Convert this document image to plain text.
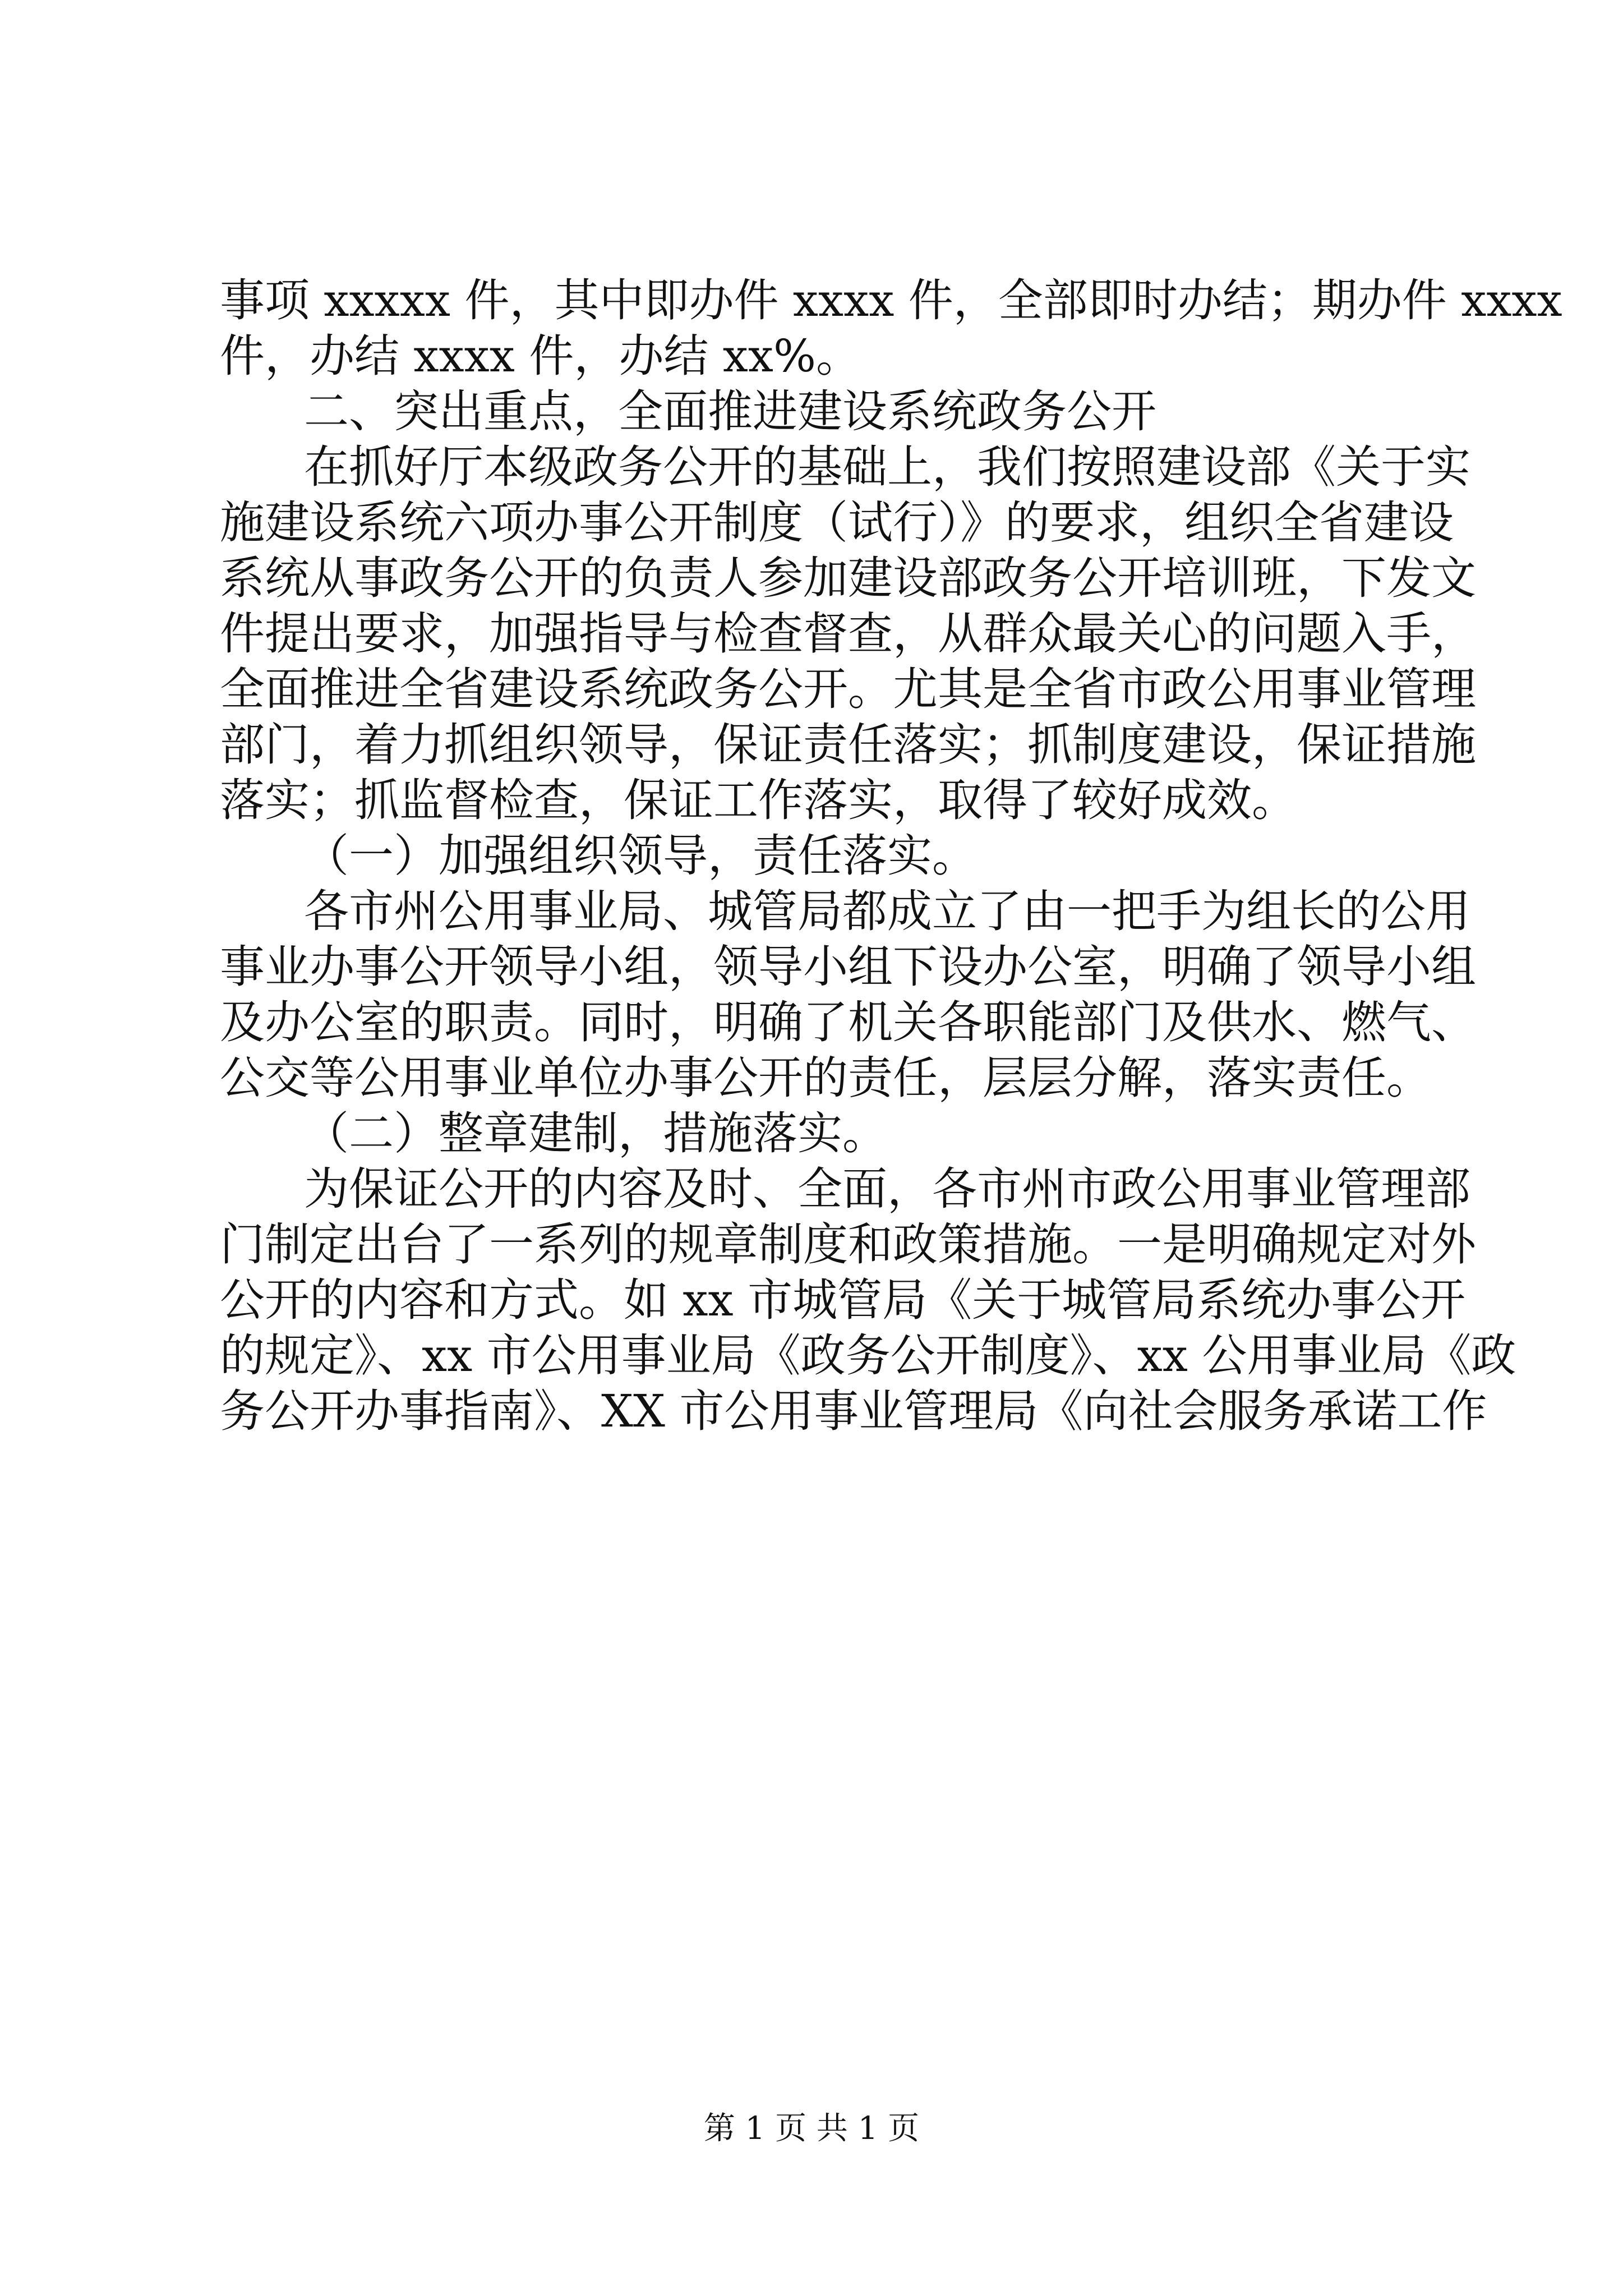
事项 xxxxx 件，其中即办件 xxxx 件，全部即时办结；期办件 xxxx
件，办结 xxxx 件，办结 xx%。
二、突出重点，全面推进建设系统政务公开
在抓好厅本级政务公开的基础上，我们按照建设部《关于实
施建设系统六项办事公开制度（试行）》的要求，组织全省建设
系统从事政务公开的负责人参加建设部政务公开培训班，下发文
件提出要求，加强指导与检查督查，从群众最关心的问题入手，
全面推进全省建设系统政务公开。尤其是全省市政公用事业管理
部门，着力抓组织领导，保证责任落实；抓制度建设，保证措施
落实；抓监督检查，保证工作落实，取得了较好成效。
（一）加强组织领导，责任落实。
各市州公用事业局、城管局都成立了由一把手为组长的公用
事业办事公开领导小组，领导小组下设办公室，明确了领导小组
及办公室的职责。同时，明确了机关各职能部门及供水、燃气、
公交等公用事业单位办事公开的责任，层层分解，落实责任。
（二）整章建制，措施落实。
为保证公开的内容及时、全面，各市州市政公用事业管理部
门制定出台了一系列的规章制度和政策措施。一是明确规定对外
公开的内容和方式。如 xx 市城管局《关于城管局系统办事公开
的规定》、xx 市公用事业局《政务公开制度》、xx 公用事业局《政
务公开办事指南》、XX 市公用事业管理局《向社会服务承诺工作
第 1 页 共 1 页
